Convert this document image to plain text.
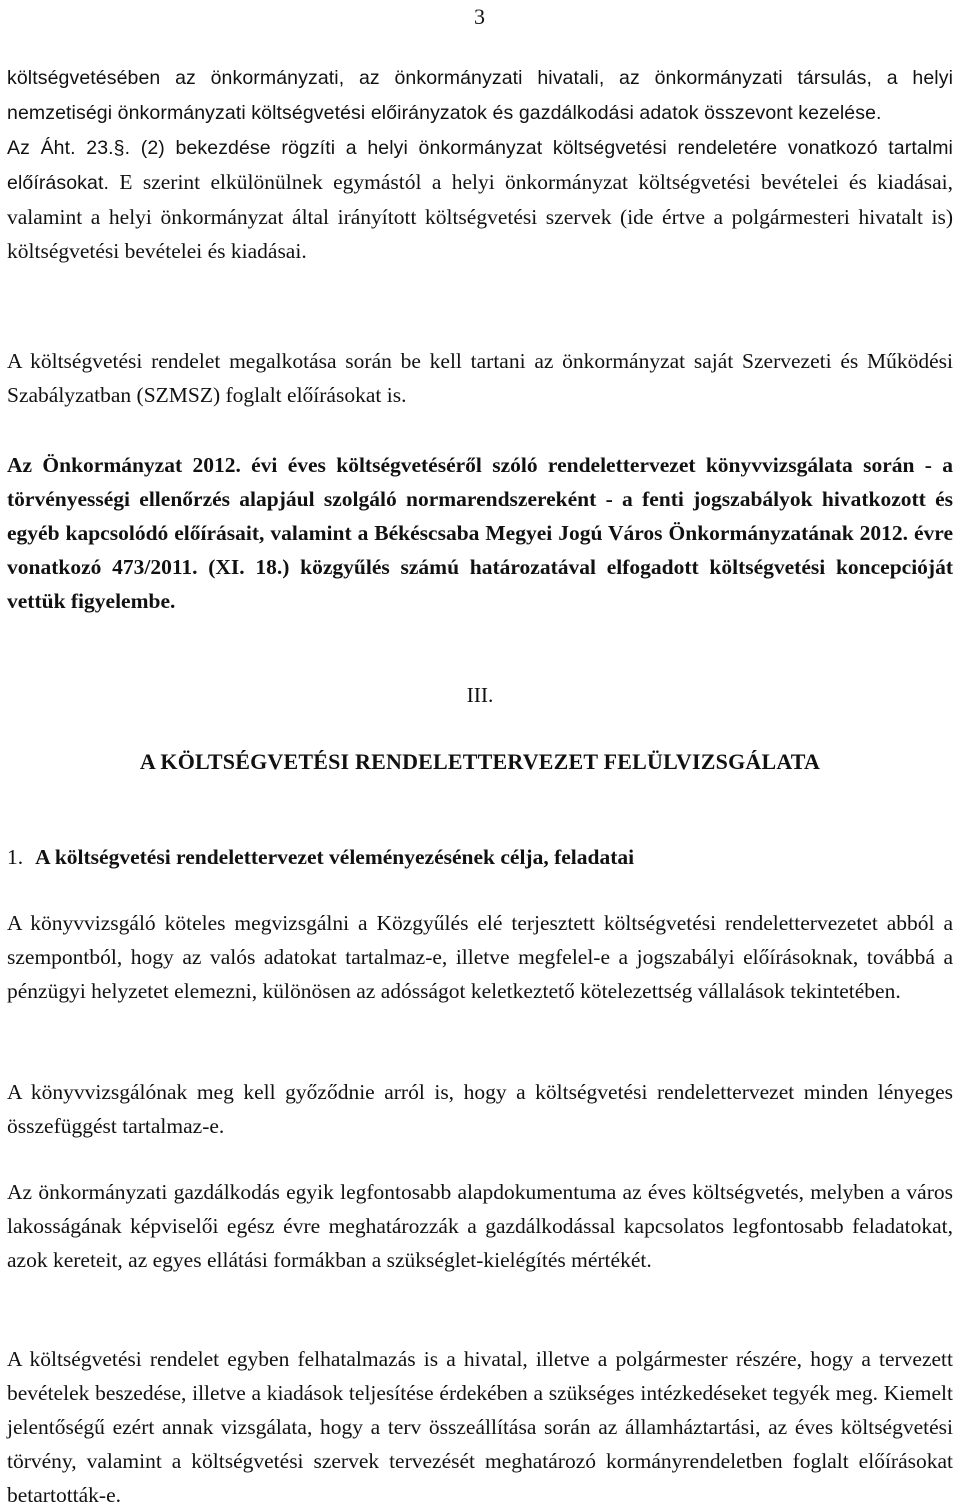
3
költségvetésében az önkormányzati, az önkormányzati hivatali, az önkormányzati társulás, a helyi nemzetiségi önkormányzati költségvetési előirányzatok és gazdálkodási adatok összevont kezelése.
Az Áht. 23.§. (2) bekezdése rögzíti a helyi önkormányzat költségvetési rendeletére vonatkozó tartalmi előírásokat. E szerint elkülönülnek egymástól a helyi önkormányzat költségvetési bevételei és kiadásai, valamint a helyi önkormányzat által irányított költségvetési szervek (ide értve a polgármesteri hivatalt is) költségvetési bevételei és kiadásai.
A költségvetési rendelet megalkotása során be kell tartani az önkormányzat saját Szervezeti és Működési Szabályzatban (SZMSZ) foglalt előírásokat is.
Az Önkormányzat 2012. évi éves költségvetéséről szóló rendelettervezet könyvvizsgálata során - a törvényességi ellenőrzés alapjául szolgáló normarendszereként - a fenti jogszabályok hivatkozott és egyéb kapcsolódó előírásait, valamint a Békéscsaba Megyei Jogú Város Önkormányzatának 2012. évre vonatkozó 473/2011. (XI. 18.) közgyűlés számú határozatával elfogadott költségvetési koncepcióját vettük figyelembe.
III.
A KÖLTSÉGVETÉSI RENDELETTERVEZET FELÜLVIZSGÁLATA
1. A költségvetési rendelettervezet véleményezésének célja, feladatai
A könyvvizsgáló köteles megvizsgálni a Közgyűlés elé terjesztett költségvetési rendelettervezetet abból a szempontból, hogy az valós adatokat tartalmaz-e, illetve megfelel-e a jogszabályi előírásoknak, továbbá a pénzügyi helyzetet elemezni, különösen az adósságot keletkeztető kötelezettség vállalások tekintetében.
A könyvvizsgálónak meg kell győződnie arról is, hogy a költségvetési rendelettervezet minden lényeges összefüggést tartalmaz-e.
Az önkormányzati gazdálkodás egyik legfontosabb alapdokumentuma az éves költségvetés, melyben a város lakosságának képviselői egész évre meghatározzák a gazdálkodással kapcsolatos legfontosabb feladatokat, azok kereteit, az egyes ellátási formákban a szükséglet-kielégítés mértékét.
A költségvetési rendelet egyben felhatalmazás is a hivatal, illetve a polgármester részére, hogy a tervezett bevételek beszedése, illetve a kiadások teljesítése érdekében a szükséges intézkedéseket tegyék meg. Kiemelt jelentőségű ezért annak vizsgálata, hogy a terv összeállítása során az államháztartási, az éves költségvetési törvény, valamint a költségvetési szervek tervezését meghatározó kormányrendeletben foglalt előírásokat betartották-e.
